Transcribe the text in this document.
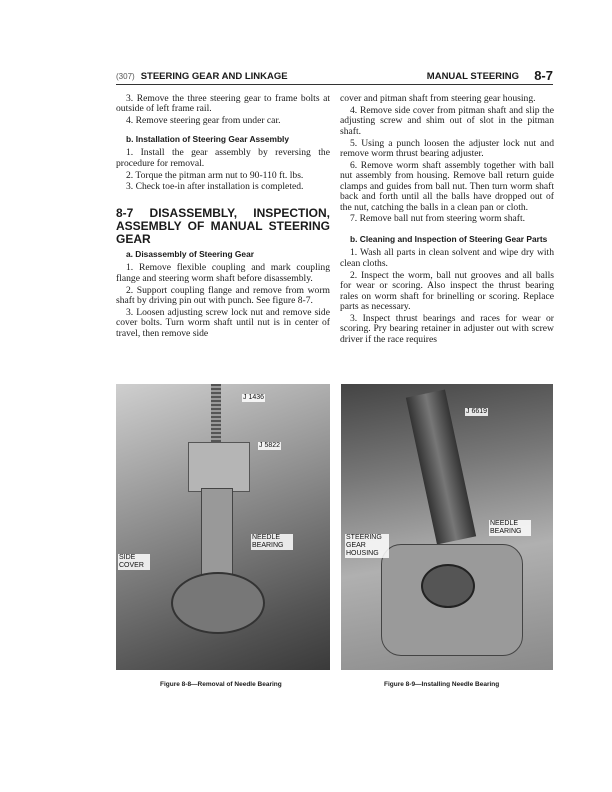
(307) STEERING GEAR AND LINKAGE	MANUAL STEERING 8-7

3. Remove the three steering gear to frame bolts at outside of left frame rail.

4. Remove steering gear from under car.

b. Installation of Steering Gear Assembly

1. Install the gear assembly by reversing the procedure for removal.

2. Torque the pitman arm nut to 90-110 ft. lbs.

3. Check toe-in after installation is completed.

8-7 DISASSEMBLY, INSPECTION, ASSEMBLY OF MANUAL STEERING GEAR
a. Disassembly of Steering Gear

1. Remove flexible coupling and mark coupling flange and steering worm shaft before disassembly.

2. Support coupling flange and remove from worm shaft by driving pin out with punch. See figure 8-7.

3. Loosen adjusting screw lock nut and remove side cover bolts. Turn worm shaft until nut is in center of travel, then remove side

cover and pitman shaft from steering gear housing.

4. Remove side cover from pitman shaft and slip the adjusting screw and shim out of slot in the pitman shaft.

5. Using a punch loosen the adjuster lock nut and remove worm thrust bearing adjuster.

6. Remove worm shaft assembly together with ball nut assembly from housing. Remove ball return guide clamps and guides from ball nut. Then turn worm shaft back and forth until all the balls have dropped out of the nut, catching the balls in a clean pan or cloth.

7. Remove ball nut from steering worm shaft.

b. Cleaning and Inspection of Steering Gear Parts

1. Wash all parts in clean solvent and wipe dry with clean cloths.

2. Inspect the worm, ball nut grooves and all balls for wear or scoring. Also inspect the thrust bearing rales on worm shaft for brinelling or scoring. Replace parts as necessary.

3. Inspect thrust bearings and races for wear or scoring. Pry bearing retainer in adjuster out with screw driver if the race requires

J 1436
J 5822
NEEDLE BEARING
SIDE COVER
Figure 8-8—Removal of Needle Bearing
J 6619
NEEDLE BEARING
STEERING GEAR HOUSING
Figure 8-9—Installing Needle Bearing
